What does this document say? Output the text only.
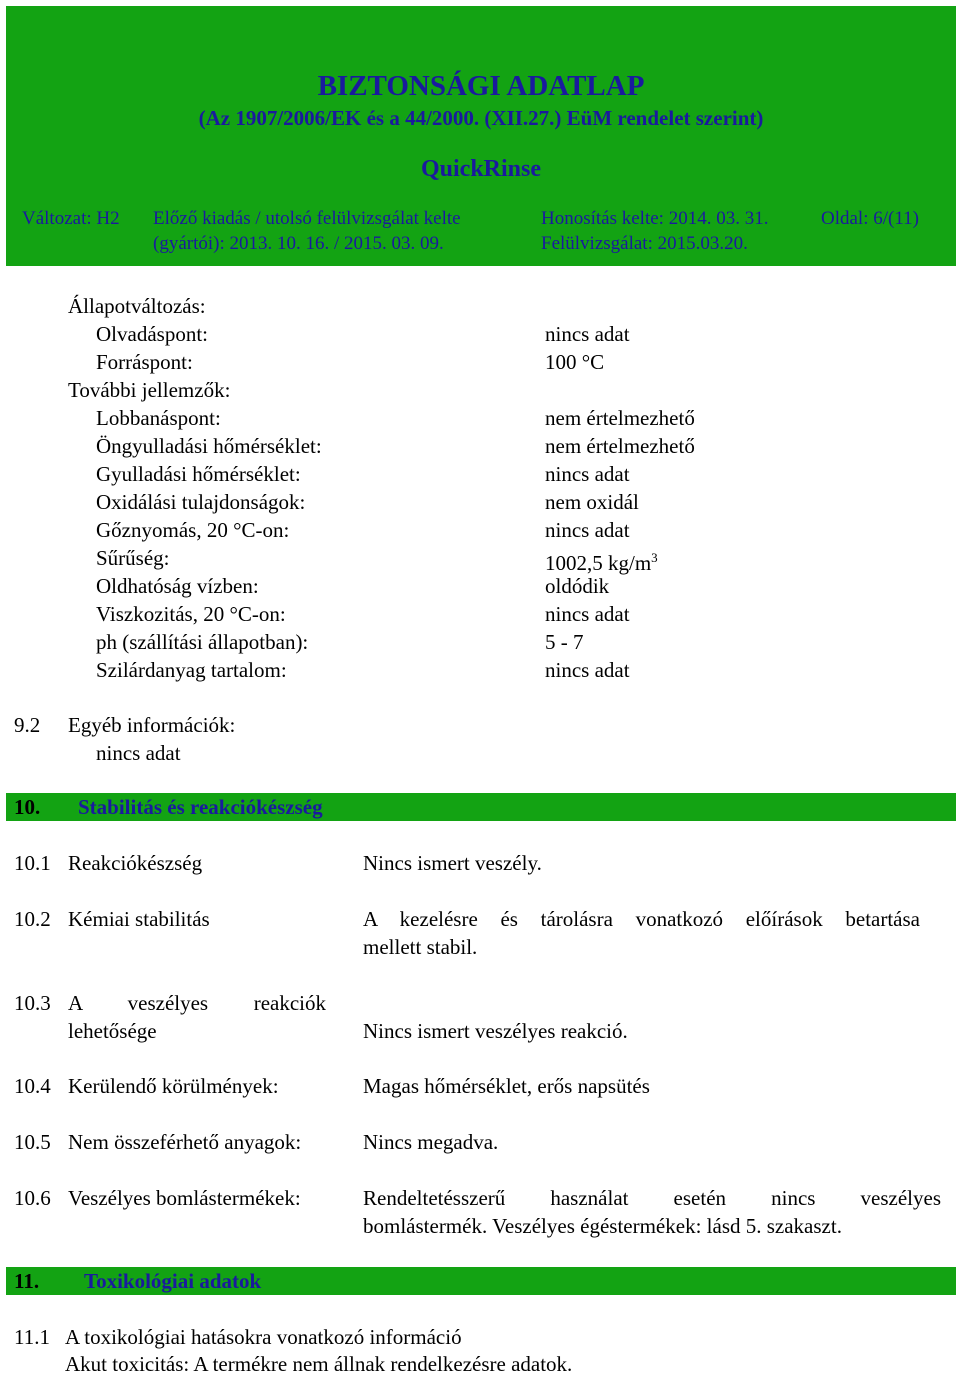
BIZTONSÁGI ADATLAP
(Az 1907/2006/EK és a 44/2000. (XII.27.) EüM rendelet szerint)
QuickRinse
Változat: H2 Előző kiadás / utolsó felülvizsgálat kelte
(gyártói): 2013. 10. 16. / 2015. 03. 09.
Honosítás kelte: 2014. 03. 31.
Felülvizsgálat: 2015.03.20.
Oldal: 6/(11)
Állapotváltozás:
Olvadáspont:	nincs adat
Forráspont:	100 °C
További jellemzők:
Lobbanáspont:	nem értelmezhető
Öngyulladási hőmérséklet:	nem értelmezhető
Gyulladási hőmérséklet:	nincs adat
Oxidálási tulajdonságok:	nem oxidál
Gőznyomás, 20 °C-on:	nincs adat
Sűrűség:	1002,5 $kg/m^3$
Oldhatóság vízben:	oldódik
Viszkozitás, 20 °C-on:	nincs adat
ph (szállítási állapotban):	5 - 7
Szilárdanyag tartalom:	nincs adat
9.2 Egyéb információk:
nincs adat
10. Stabilitás és reakciókészség
10.1 Reakciókészség	Nincs ismert veszély.
10.2 Kémiai stabilitás	A kezelésre és tárolásra vonatkozó előírások betartása
mellett stabil.
10.3 A veszélyes reakciók
lehetősége	Nincs ismert veszélyes reakció.
10.4 Kerülendő körülmények:	Magas hőmérséklet, erős napsütés
10.5 Nem összeférhető anyagok:	Nincs megadva.
10.6 Veszélyes bomlástermékek:	Rendeltetésszerű használat esetén nincs veszélyes
bomlástermék. Veszélyes égéstermékek: lásd 5. szakaszt.
11. Toxikológiai adatok
11.1 A toxikológiai hatásokra vonatkozó információ
Akut toxicitás: A termékre nem állnak rendelkezésre adatok.
